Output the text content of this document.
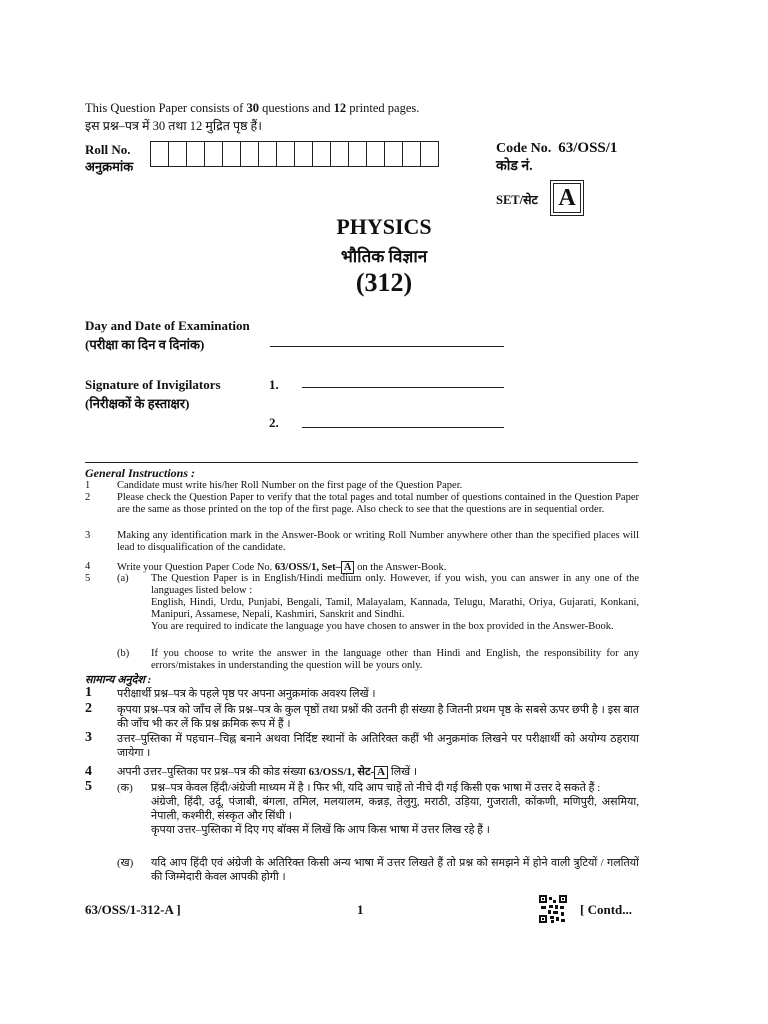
This Question Paper consists of 30 questions and 12 printed pages.
इस प्रश्न–पत्र में 30 तथा 12 मुद्रित पृष्ठ हैं।
Roll No.
अनुक्रमांक
Code No. 63/OSS/1
कोड नं.
SET/सेट A
PHYSICS
भौतिक विज्ञान
(312)
Day and Date of Examination
(परीक्षा का दिन व दिनांक)
Signature of Invigilators
(निरीक्षकों के हस्ताक्षर)
1.
2.
General Instructions :
1	Candidate must write his/her Roll Number on the first page of the Question Paper.
2	Please check the Question Paper to verify that the total pages and total number of questions contained in the Question Paper are the same as those printed on the top of the first page. Also check to see that the questions are in sequential order.
3	Making any identification mark in the Answer-Book or writing Roll Number anywhere other than the specified places will lead to disqualification of the candidate.
4	Write your Question Paper Code No. 63/OSS/1, Set– A on the Answer-Book.
5	(a) The Question Paper is in English/Hindi medium only. However, if you wish, you can answer in any one of the languages listed below :
English, Hindi, Urdu, Punjabi, Bengali, Tamil, Malayalam, Kannada, Telugu, Marathi, Oriya, Gujarati, Konkani, Manipuri, Assamese, Nepali, Kashmiri, Sanskrit and Sindhi.
You are required to indicate the language you have chosen to answer in the box provided in the Answer-Book.
(b) If you choose to write the answer in the language other than Hindi and English, the responsibility for any errors/mistakes in understanding the question will be yours only.
सामान्य अनुदेश :
1 परीक्षार्थी प्रश्न–पत्र के पहले पृष्ठ पर अपना अनुक्रमांक अवश्य लिखें ।
2 कृपया प्रश्न–पत्र को जाँच लें कि प्रश्न–पत्र के कुल पृष्ठों तथा प्रश्नों की उतनी ही संख्या है जितनी प्रथम पृष्ठ के सबसे ऊपर छपी है । इस बात की जाँच भी कर लें कि प्रश्न क्रमिक रूप में हैं ।
3 उत्तर–पुस्तिका में पहचान–चिह्न बनाने अथवा निर्दिष्ट स्थानों के अतिरिक्त कहीं भी अनुक्रमांक लिखने पर परीक्षार्थी को अयोग्य ठहराया जायेगा ।
4 अपनी उत्तर–पुस्तिका पर प्रश्न–पत्र की कोड संख्या 63/OSS/1, सेट- A लिखें ।
5 (क) प्रश्न–पत्र केवल हिंदी/अंग्रेजी माध्यम में है । फिर भी, यदि आप चाहें तो नीचे दी गई किसी एक भाषा में उत्तर दे सकते हैं :
अंग्रेजी, हिंदी, उर्दू, पंजाबी, बंगला, तमिल, मलयालम, कन्नड़, तेलुगु, मराठी, उड़िया, गुजराती, कोंकणी, मणिपुरी, असमिया, नेपाली, कश्मीरी, संस्कृत और सिंधी ।
कृपया उत्तर–पुस्तिका में दिए गए बॉक्स में लिखें कि आप किस भाषा में उत्तर लिख रहे हैं ।
(ख) यदि आप हिंदी एवं अंग्रेजी के अतिरिक्त किसी अन्य भाषा में उत्तर लिखते हैं तो प्रश्न को समझने में होने वाली त्रुटियों / गलतियों की जिम्मेदारी केवल आपकी होगी ।
63/OSS/1-312-A ]	1	[ Contd...
